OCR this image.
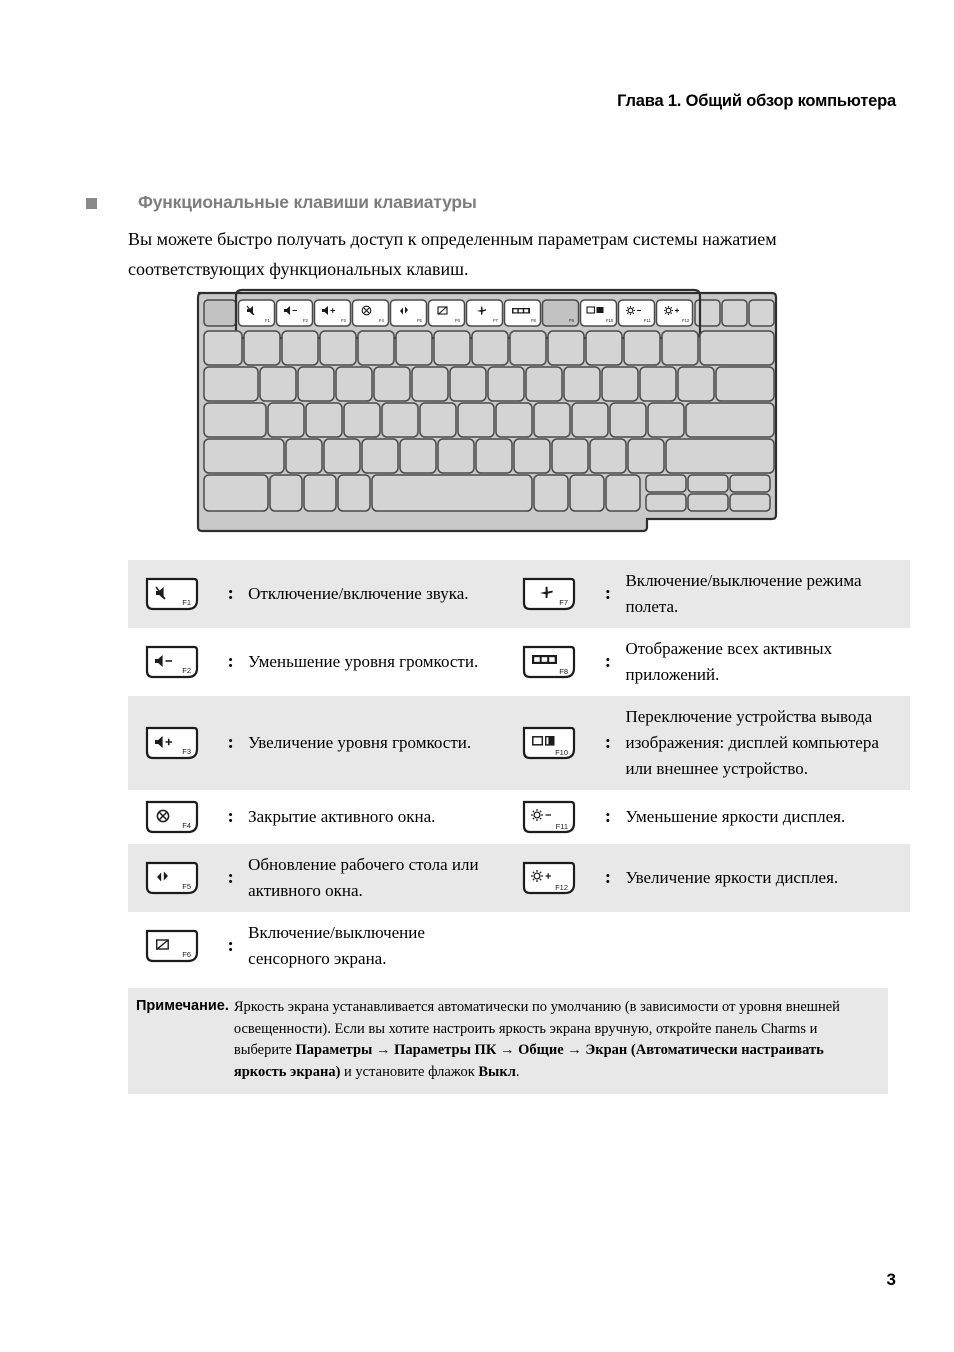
Глава 1. Общий обзор компьютера
Функциональные клавиши клавиатуры
Вы можете быстро получать доступ к определенным параметрам системы нажатием соответствующих функциональных клавиш.
F1	F2	F3	F4	F5	F6	F7	F8	F9	F10	F11	F12
F1	:	Отключение/включение звука.	F7	:	Включение/выключение режима полета.

F2	:	Уменьшение уровня громкости.	F8	:	Отображение всех активных приложений.

F3	:	Увеличение уровня громкости.	F10	:	Переключение устройства вывода изображения: дисплей компьютера или внешнее устройство.

F4	:	Закрытие активного окна.	F11	:	Уменьшение яркости дисплея.

F5	:	Обновление рабочего стола или активного окна.	F12	:	Увеличение яркости дисплея.

F6	:	Включение/выключение сенсорного экрана.			
Примечание. Яркость экрана устанавливается автоматически по умолчанию (в зависимости от уровня внешней освещенности). Если вы хотите настроить яркость экрана вручную, откройте панель Charms и выберите Параметры → Параметры ПК → Общие → Экран (Автоматически настраивать яркость экрана) и установите флажок Выкл.
3
